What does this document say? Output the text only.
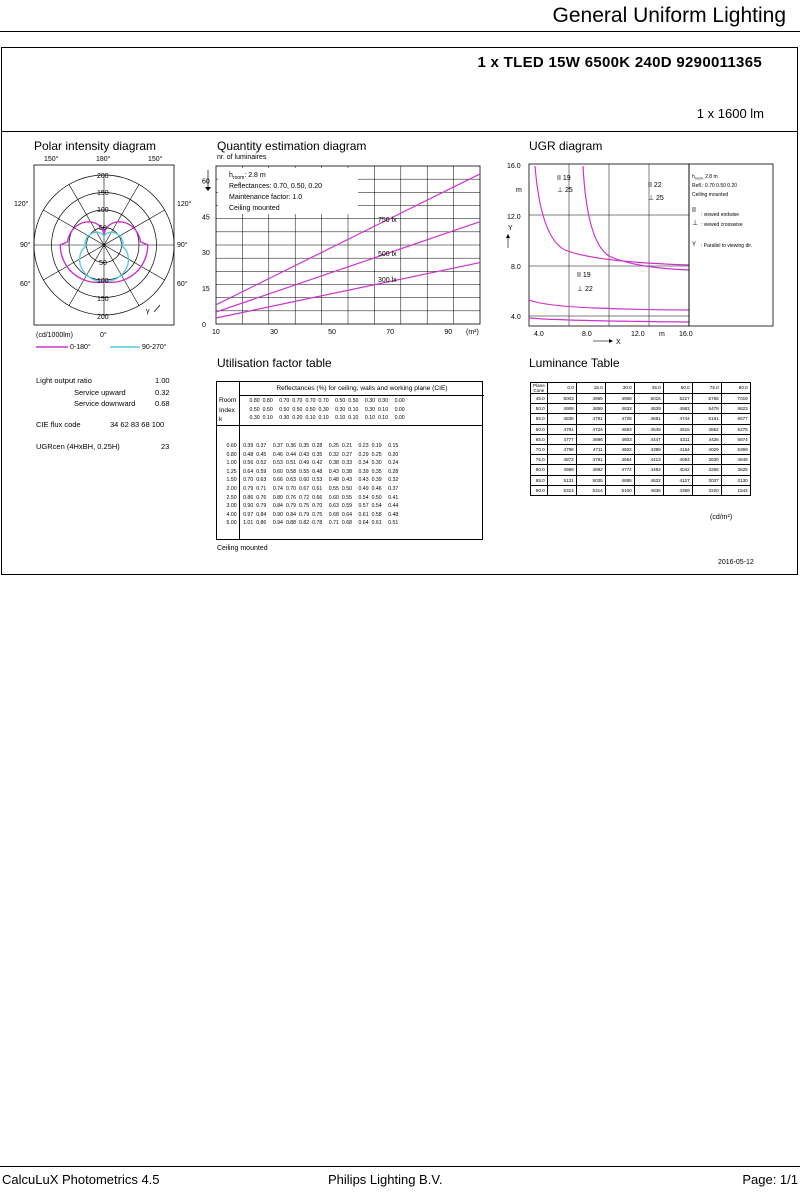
General Uniform Lighting
1 x TLED 15W 6500K 240D 9290011365
1 x 1600 lm
Polar intensity diagram
150°	180°	150°
120°	120°
90°	90°
60°	60°
200
150
100
50
50
100
150
200
γ
(cd/1000lm)	0°
0-180°	90-270°
Light output ratio	1.00
Service upward	0.32
Service downward	0.68
CIE flux code	34 62 83 68 100
UGRcen (4HxBH, 0.25H)	23
Quantity estimation diagram
nr. of luminaires
60
45
30
15
0
10	30	50	70	90 (m²)
$h_{room}$: 2.8 m
Reflectances: 0.70, 0.50, 0.20
Maintenance factor: 1.0
Ceiling mounted
750 lx
500 lx
300 lx
UGR diagram
16.0
12.0
8.0
4.0
4.0	8.0	12.0	16.0
m
m
Y
X
II 19
⊥ 25
II 22
⊥ 25
II 19
⊥ 22
$h_{room:}$ 2.8 m
Refl.: 0.70 0.50 0.20
Ceiling mounted
II
: viewed endwise
⊥ : viewed crosswise
Y : Parallel to viewing dir.
Utilisation factor table
Reflectances (%) for ceiling, walls and working plane (CIE)
Room
Index
k
0.80	0.80	0.70	0.70	0.70	0.70	0.50	0.50	0.30	0.30	0.00
0.50	0.50	0.50	0.50	0.50	0.30	0.30	0.10	0.30	0.10	0.00
0.30	0.10	0.30	0.20	0.10	0.10	0.10	0.10	0.10	0.10	0.00
0.60	0.39	0.37	0.37	0.36	0.35	0.28	0.25	0.21	0.23	0.19	0.15
0.80	0.48	0.45	0.46	0.44	0.43	0.35	0.32	0.27	0.29	0.25	0.20
1.00	0.56	0.52	0.53	0.51	0.49	0.42	0.38	0.33	0.34	0.30	0.24
1.25	0.64	0.59	0.60	0.58	0.55	0.48	0.43	0.38	0.39	0.35	0.28
1.50	0.70	0.63	0.66	0.63	0.60	0.53	0.48	0.43	0.43	0.39	0.32
2.00	0.79	0.71	0.74	0.70	0.67	0.61	0.55	0.50	0.49	0.46	0.37
2.50	0.86	0.76	0.80	0.76	0.72	0.66	0.60	0.55	0.54	0.50	0.41
3.00	0.90	0.79	0.84	0.79	0.75	0.70	0.63	0.59	0.57	0.54	0.44
4.00	0.97	0.84	0.90	0.84	0.79	0.75	0.68	0.64	0.61	0.58	0.48
5.00	1.01	0.86	0.94	0.88	0.82	0.78	0.71	0.68	0.64	0.61	0.51
Ceiling mounted
Luminance Table
Plane
Cone	0.0	15.0	30.0	45.0	60.0	75.0	90.0
45.0	5003	4965	4968	5016	5227	5768	7019
50.0	4908	4859	4833	4839	4983	5479	6823
55.0	4836	4781	4728	4681	4744	5161	6577
60.0	4791	4724	4653	4549	4515	4852	6275
65.0	4777	4696	4603	4447	4311	4426	5874
70.0	4798	4711	4602	4398	4154	4029	5369
75.0	4872	4781	4654	4413	4064	3630	4649
80.0	4989	4892	4772	4483	4042	3256	3625
85.0	5131	5035	4895	4632	4127	3037	2130
90.0	5314	5314	5100	4836	4369	3220	1543
(cd/m²)
2016-05-12
CalcuLuX Photometrics 4.5	Philips Lighting B.V.	Page: 1/1
